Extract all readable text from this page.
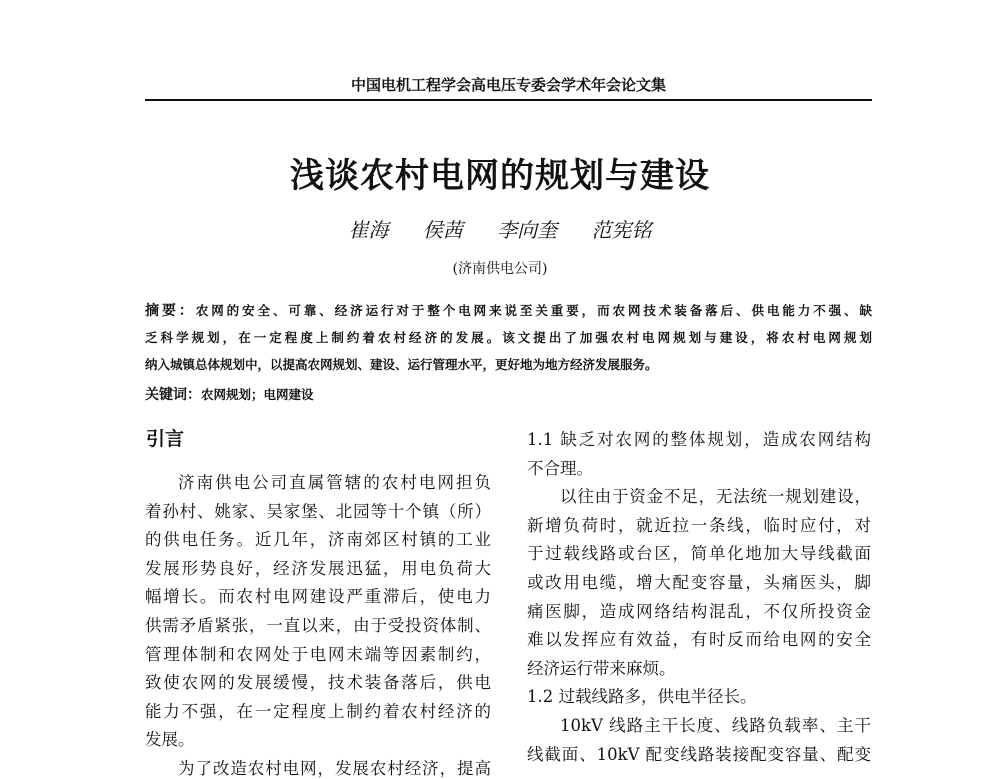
中国电机工程学会高电压专委会学术年会论文集
浅谈农村电网的规划与建设
崔海 侯茜 李向奎 范宪铭
(济南供电公司)
摘要：农网的安全、可靠、经济运行对于整个电网来说至关重要，而农网技术装备落后、供电能力不强、缺
乏科学规划，在一定程度上制约着农村经济的发展。该文提出了加强农村电网规划与建设，将农村电网规划
纳入城镇总体规划中，以提高农网规划、建设、运行管理水平，更好地为地方经济发展服务。
关键词：农网规划；电网建设
引言
济南供电公司直属管辖的农村电网担负
着孙村、姚家、吴家堡、北园等十个镇（所）
的供电任务。近几年，济南郊区村镇的工业
发展形势良好，经济发展迅猛，用电负荷大
幅增长。而农村电网建设严重滞后，使电力
供需矛盾紧张，一直以来，由于受投资体制、
管理体制和农网处于电网末端等因素制约，
致使农网的发展缓慢，技术装备落后，供电
能力不强，在一定程度上制约着农村经济的
发展。
为了改造农村电网，发展农村经济，提高
1.1 缺乏对农网的整体规划，造成农网结构
不合理。
以往由于资金不足，无法统一规划建设，
新增负荷时，就近拉一条线，临时应付，对
于过载线路或台区，简单化地加大导线截面
或改用电缆，增大配变容量，头痛医头，脚
痛医脚，造成网络结构混乱，不仅所投资金
难以发挥应有效益，有时反而给电网的安全
经济运行带来麻烦。
1.2 过载线路多，供电半径长。
10kV 线路主干长度、线路负载率、主干
线截面、10kV 配变线路装接配变容量、配变
